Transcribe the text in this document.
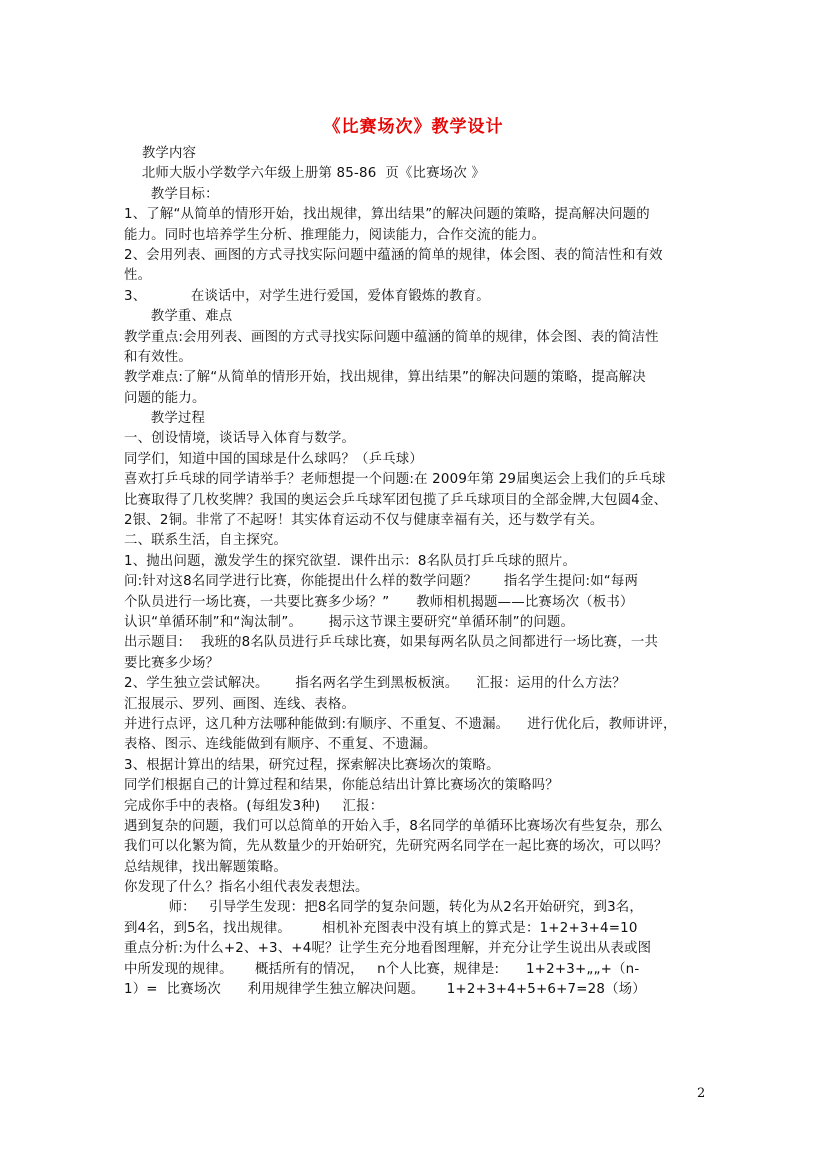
《比赛场次》教学设计
教学内容
北师大版小学数学六年级上册第 85-86  页《比赛场次 》
教学目标：
1、了解“从简单的情形开始，找出规律，算出结果”的解决问题的策略，提高解决问题的
能力。同时也培养学生分析、推理能力，阅读能力，合作交流的能力。
2、会用列表、画图的方式寻找实际问题中蕴涵的简单的规律，体会图、表的简洁性和有效
性。
3、          在谈话中，对学生进行爱国，爱体育锻炼的教育。
教学重、难点
教学重点:会用列表、画图的方式寻找实际问题中蕴涵的简单的规律，体会图、表的简洁性
和有效性。
教学难点:了解“从简单的情形开始，找出规律，算出结果”的解决问题的策略，提高解决
问题的能力。
教学过程
一、创设情境，谈话导入体育与数学。
同学们，知道中国的国球是什么球吗？（乒乓球）
喜欢打乒乓球的同学请举手？老师想提一个问题:在 2009年第 29届奥运会上我们的乒乓球
比赛取得了几枚奖牌？我国的奥运会乒乓球军团包揽了乒乓球项目的全部金牌,大包圆4金、
2银、2铜。非常了不起呀！其实体育运动不仅与健康幸福有关，还与数学有关。
二、联系生活，自主探究。
1、抛出问题，激发学生的探究欲望.  课件出示：8名队员打乒乓球的照片。
问:针对这8名同学进行比赛，你能提出什么样的数学问题？      指名学生提问:如“每两
个队员进行一场比赛，一共要比赛多少场？”      教师相机揭题——比赛场次（板书）
认识“单循环制”和“淘汰制”。      揭示这节课主要研究“单循环制”的问题。
出示题目:    我班的8名队员进行乒乓球比赛，如果每两名队员之间都进行一场比赛，一共
要比赛多少场？
2、学生独立尝试解决。      指名两名学生到黑板板演。    汇报：运用的什么方法？
汇报展示、罗列、画图、连线、表格。
并进行点评，这几种方法哪种能做到:有顺序、不重复、不遗漏。    进行优化后，教师讲评，
表格、图示、连线能做到有顺序、不重复、不遗漏。
3、根据计算出的结果，研究过程，探索解决比赛场次的策略。
同学们根据自己的计算过程和结果，你能总结出计算比赛场次的策略吗？
完成你手中的表格。(每组发3种)     汇报：
遇到复杂的问题，我们可以总简单的开始入手，8名同学的单循环比赛场次有些复杂，那么
我们可以化繁为简，先从数量少的开始研究，先研究两名同学在一起比赛的场次，可以吗？
总结规律，找出解题策略。
你发现了什么？指名小组代表发表想法。
师：   引导学生发现：把8名同学的复杂问题，转化为从2名开始研究，到3名，
到4名，到5名，找出规律。       相机补充图表中没有填上的算式是：1+2+3+4=10
重点分析:为什么+2、+3、+4呢？让学生充分地看图理解，并充分让学生说出从表或图
中所发现的规律。     概括所有的情况，   n个人比赛，规律是:      1+2+3+„„+（n-
1）=  比赛场次      利用规律学生独立解决问题。     1+2+3+4+5+6+7=28（场）
2
